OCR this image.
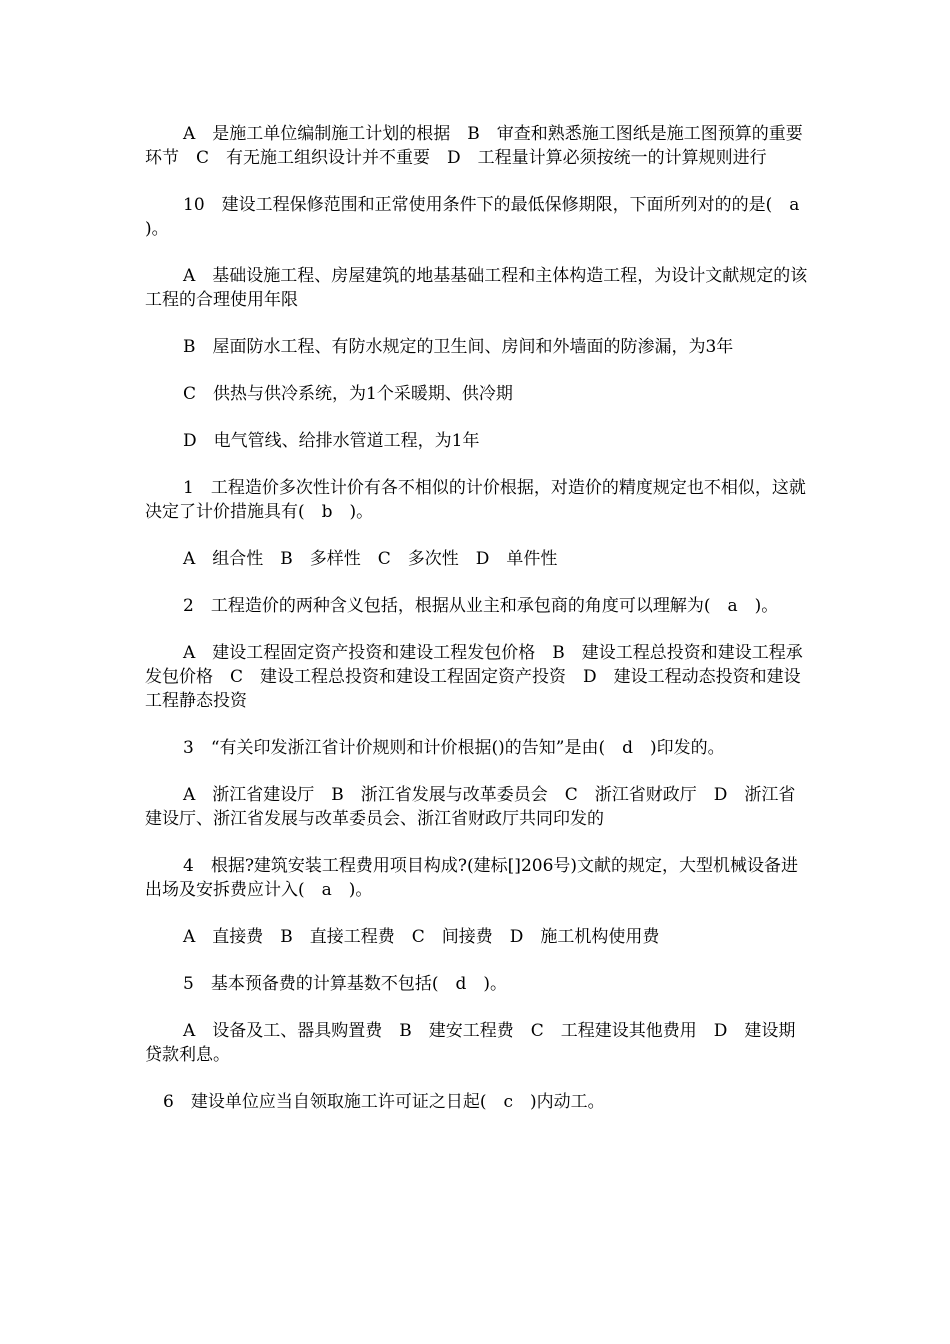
A　是施工单位编制施工计划的根据　B　审查和熟悉施工图纸是施工图预算的重要环节　C　有无施工组织设计并不重要　D　工程量计算必须按统一的计算规则进行

10　建设工程保修范围和正常使用条件下的最低保修期限，下面所列对的的是(　a　)。

A　基础设施工程、房屋建筑的地基基础工程和主体构造工程，为设计文献规定的该工程的合理使用年限

B　屋面防水工程、有防水规定的卫生间、房间和外墙面的防渗漏，为3年

C　供热与供冷系统，为1个采暖期、供冷期

D　电气管线、给排水管道工程，为1年

1　工程造价多次性计价有各不相似的计价根据，对造价的精度规定也不相似，这就决定了计价措施具有(　b　)。

A　组合性　B　多样性　C　多次性　D　单件性

2　工程造价的两种含义包括，根据从业主和承包商的角度可以理解为(　a　)。

A　建设工程固定资产投资和建设工程发包价格　B　建设工程总投资和建设工程承发包价格　C　建设工程总投资和建设工程固定资产投资　D　建设工程动态投资和建设工程静态投资

3　“有关印发浙江省计价规则和计价根据()的告知”是由(　d　)印发的。

A　浙江省建设厅　B　浙江省发展与改革委员会　C　浙江省财政厅　D　浙江省建设厅、浙江省发展与改革委员会、浙江省财政厅共同印发的

4　根据?建筑安装工程费用项目构成?(建标[]206号)文献的规定，大型机械设备进出场及安拆费应计入(　a　)。

A　直接费　B　直接工程费　C　间接费　D　施工机构使用费

5　基本预备费的计算基数不包括(　d　)。

A　设备及工、器具购置费　B　建安工程费　C　工程建设其他费用　D　建设期贷款利息。

6　建设单位应当自领取施工许可证之日起(　c　)内动工。
